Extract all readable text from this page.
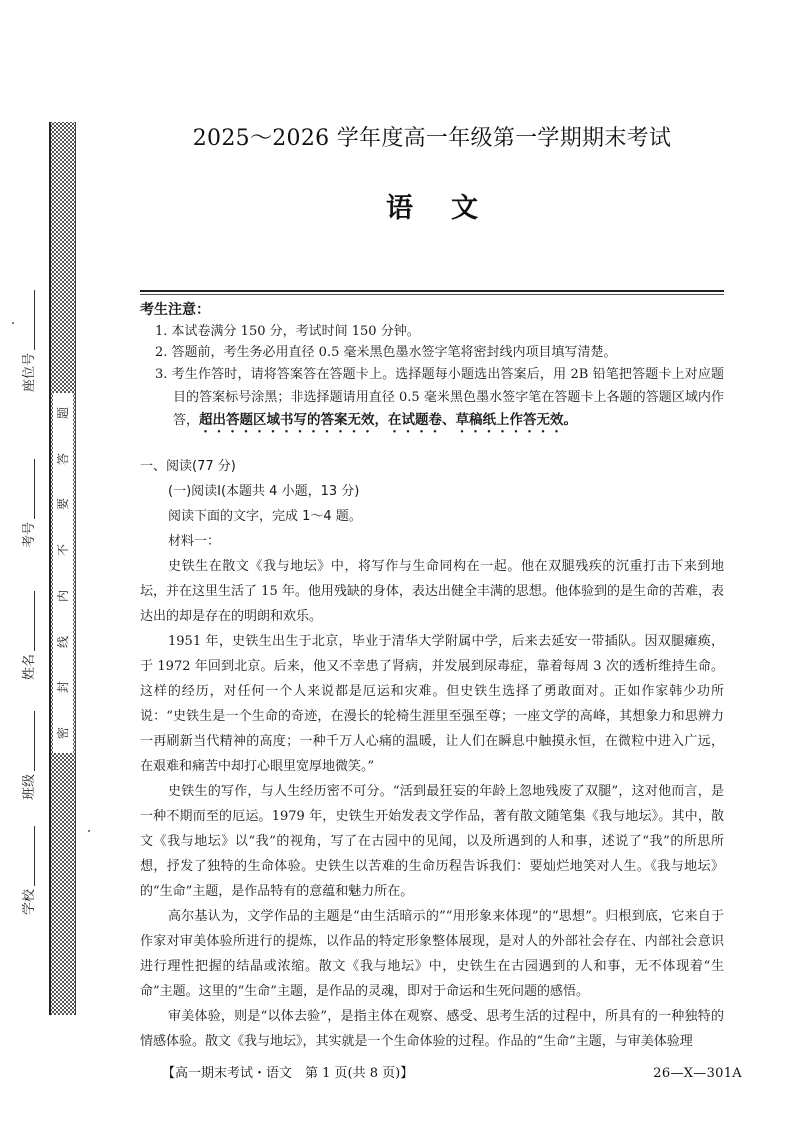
座位号
考号
姓名
班级
学校
题
答
要
不
内
线
封
密
2025～2026 学年度高一年级第一学期期末考试
语文
考生注意：
1. 本试卷满分 150 分，考试时间 150 分钟。
2. 答题前，考生务必用直径 0.5 毫米黑色墨水签字笔将密封线内项目填写清楚。
3. 考生作答时，请将答案答在答题卡上。选择题每小题选出答案后，用 2B 铅笔把答题卡上对应题目的答案标号涂黑；非选择题请用直径 0.5 毫米黑色墨水签字笔在答题卡上各题的答题区域内作答，超出答题区域书写的答案无效，在试题卷、草稿纸上作答无效。
一、阅读(77 分)
(一)阅读Ⅰ(本题共 4 小题，13 分)
阅读下面的文字，完成 1～4 题。
材料一：
史铁生在散文《我与地坛》中，将写作与生命同构在一起。他在双腿残疾的沉重打击下来到地坛，并在这里生活了 15 年。他用残缺的身体，表达出健全丰满的思想。他体验到的是生命的苦难，表达出的却是存在的明朗和欢乐。
1951 年，史铁生出生于北京，毕业于清华大学附属中学，后来去延安一带插队。因双腿瘫痪，于 1972 年回到北京。后来，他又不幸患了肾病，并发展到尿毒症，靠着每周 3 次的透析维持生命。这样的经历，对任何一个人来说都是厄运和灾难。但史铁生选择了勇敢面对。正如作家韩少功所说：“史铁生是一个生命的奇迹，在漫长的轮椅生涯里至强至尊；一座文学的高峰，其想象力和思辨力一再刷新当代精神的高度；一种千万人心痛的温暖，让人们在瞬息中触摸永恒，在微粒中进入广远，在艰难和痛苦中却打心眼里宽厚地微笑。”
史铁生的写作，与人生经历密不可分。“活到最狂妄的年龄上忽地残废了双腿”，这对他而言，是一种不期而至的厄运。1979 年，史铁生开始发表文学作品，著有散文随笔集《我与地坛》。其中，散文《我与地坛》以“我”的视角，写了在古园中的见闻，以及所遇到的人和事，述说了“我”的所思所想，抒发了独特的生命体验。史铁生以苦难的生命历程告诉我们：要灿烂地笑对人生。《我与地坛》的“生命”主题，是作品特有的意蕴和魅力所在。
高尔基认为，文学作品的主题是“由生活暗示的”“用形象来体现”的“思想”。归根到底，它来自于作家对审美体验所进行的提炼，以作品的特定形象整体展现，是对人的外部社会存在、内部社会意识进行理性把握的结晶或浓缩。散文《我与地坛》中，史铁生在古园遇到的人和事，无不体现着“生命”主题。这里的“生命”主题，是作品的灵魂，即对于命运和生死问题的感悟。
审美体验，则是“以体去验”，是指主体在观察、感受、思考生活的过程中，所具有的一种独特的情感体验。散文《我与地坛》，其实就是一个生命体验的过程。作品的“生命”主题，与审美体验理
【高一期末考试・语文　第 1 页(共 8 页)】	26—X—301A
